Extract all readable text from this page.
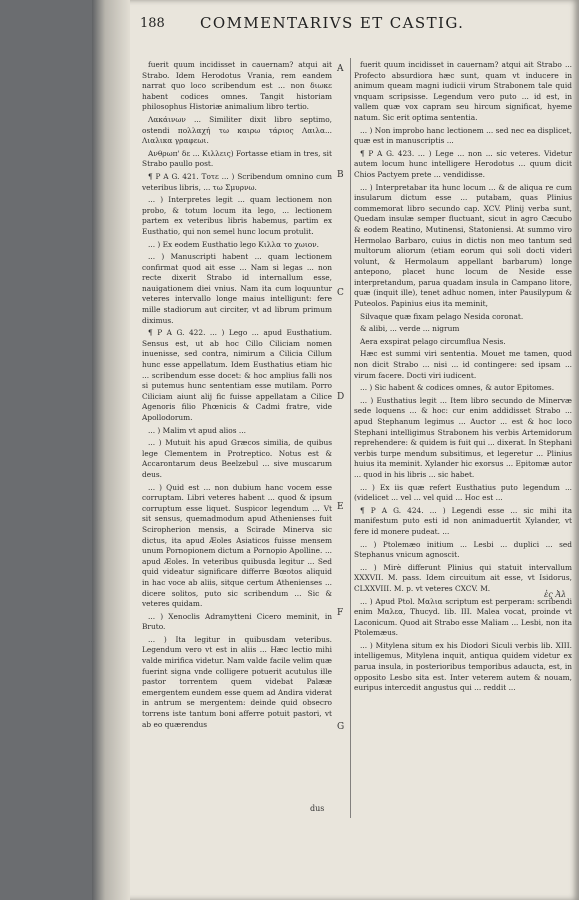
188 COMMENTARIVS ET CASTIG.

fuerit quum incidisset in cauernam? atqui ait Strabo. Idem Herodotus Vrania, rem eandem narrat quo loco scribendum est ... non διωκε habent codices omnes. Tangit historiam philosophus Historiæ animalium libro tertio.

Λακάινων ... Similiter dixit libro septimo, ostendi πολλαχή τω καιρω τάριος Λαιλα... Λιαλικα γραφεωι.

Ανθρωπ' δε ... Κιλλεις) Fortasse etiam in tres, sit Strabo paullo post.

¶ P A G. 421. Τοτε ... ) Scribendum omnino cum veteribus libris, ... τω Σμυρνω.

... ) Interpretes legit ... quam lectionem non probo, & totum locum ita lego, ... lectionem partem ex veteribus libris habemus, partim ex Eusthatio, qui non semel hunc locum protulit.

... ) Ex eodem Eusthatio lego Κιλλα το χωιον.

... ) Manuscripti habent ... quam lectionem confirmat quod ait esse ... Nam si legas ... non recte dixerit Strabo id internallum esse, nauigationem diei vnius. Nam ita cum loquuntur veteres intervallo longe maius intelligunt: fere mille stadiorum aut circiter, vt ad librum primum diximus.

¶ P A G. 422. ... ) Lego ... apud Eusthatium. Sensus est, ut ab hoc Cillo Ciliciam nomen inuenisse, sed contra, nimirum a Cilicia Cillum hunc esse appellatum. Idem Eusthatius etiam hic ... scribendum esse docet: & hoc amplius falli nos si putemus hunc sententiam esse mutilam. Porro Ciliciam aiunt alij fic fuisse appellatam a Cilice Agenoris filio Phœnicis & Cadmi fratre, vide Apollodorum.

... ) Malim vt apud alios ...

... ) Mutuit his apud Græcos similia, de quibus lege Clementem in Protreptico. Notus est & Accarontarum deus Beelzebul ... sive muscarum deus.

... ) Quid est ... non dubium hanc vocem esse corruptam. Libri veteres habent ... quod & ipsum corruptum esse liquet. Suspicor legendum ... Vt sit sensus, quemadmodum apud Athenienses fuit Sciropherion mensis, a Scirade Minerva sic dictus, ita apud Æoles Asiaticos fuisse mensem unum Pornopionem dictum a Pornopio Apolline. ... apud Æoles. In veteribus quibusda legitur ... Sed quid videatur significare differre Bœotos aliquid in hac voce ab aliis, sitque certum Athenienses ... dicere solitos, puto sic scribendum ... Sic & veteres quidam.

... ) Xenoclis Adramytteni Cicero meminit, in Bruto.

... ) Ita legitur in quibusdam veteribus. Legendum vero vt est in aliis ... Hæc lectio mihi valde mirifica videtur. Nam valde facile velim quæ fuerint signa vnde colligere potuerit acutulus ille pastor torrentem quem videbat Palææ emergentem eundem esse quem ad Andira viderat in antrum se mergentem: deinde quid obsecro torrens iste tantum boni afferre potuit pastori, vt ab eo quærendus

A
B
C
D
E
F
G

fuerit quum incidisset in cauernam? atqui ait Strabo ... Profecto absurdiora hæc sunt, quam vt inducere in animum queam magni iudicii virum Strabonem tale quid vnquam scripsisse. Legendum vero puto ... id est, in vallem quæ vox capram seu hircum significat, hyeme natum. Sic erit optima sententia.

... ) Non improbo hanc lectionem ... sed nec ea displicet, quæ est in manuscriptis ...

¶ P A G. 423. ... ) Lege ... non ... sic veteres. Videtur autem locum hunc intelligere Herodotus ... quum dicit Chios Pactyem prete ... vendidisse.

... ) Interpretabar ita hunc locum ... & de aliqua re cum insularum dictum esse ... putabam, quas Plinius commemorat libro secundo cap. XCV. Plinij verba sunt, Quedam insulæ semper fluctuant, sicut in agro Cæcubo & eodem Reatino, Mutinensi, Statoniensi. At summo viro Hermolao Barbaro, cuius in dictis non meo tantum sed multorum aliorum (etiam eorum qui soli docti videri volunt, & Hermolaum appellant barbarum) longe antepono, placet hunc locum de Neside esse interpretandum, parua quadam insula in Campano litore, quæ (inquit ille), tenet adhuc nomen, inter Pausilypum & Puteolos. Papinius eius ita meminit,

Silvaque quæ fixam pelago Nesida coronat.

& alibi, ... verde ... nigrum

Aera exspirat pelago circumflua Nesis.

Hæc est summi viri sententia. Mouet me tamen, quod non dicit Strabo ... nisi ... id contingere: sed ipsam ... virum facere. Docti viri iudicent.

... ) Sic habent & codices omnes, & autor Epitomes.

... ) Eusthatius legit ... Item libro secundo de Minervæ sede loquens ... & hoc: cur enim addidisset Strabo ... apud Stephanum legimus ... Auctor ... est & hoc loco Stephani intelligimus Strabonem his verbis Artemidorum reprehendere: & quidem is fuit qui ... dixerat. In Stephani verbis turpe mendum subsitimus, et legeretur ... Plinius huius ita meminit. Xylander hic exorsus ... Epitomæ autor ... quod in his libris ... sic habet.

... ) Ex iis quæ refert Eusthatius puto legendum ... (videlicet ... vel ... vel quid ... Hoc est ...

¶ P A G. 424. ... ) Legendi esse ... sic mihi ita manifestum puto esti id non animaduertit Xylander, vt fere id monere pudeat. ...

... ) Ptolemæo initium ... Lesbi ... duplici ... sed Stephanus vnicum agnoscit.

... ) Mirè differunt Plinius qui statuit intervallum XXXVII. M. pass. Idem circuitum ait esse, vt Isidorus, CLXXVIII. M. p. vt veteres CXCV. M.

... ) Apud Ptol. Μαλια scriptum est perperam: scribendi enim Μαλεα, Thucyd. lib. III. Malea vocat, proinde vt Laconicum. Quod ait Strabo esse Maliam ... Lesbi, non ita Ptolemæus.

... ) Mitylena situm ex his Diodori Siculi verbis lib. XIII. intelligemus, Mitylena inquit, antiqua quidem videtur ex parua insula, in posterioribus temporibus adaucta, est, in opposito Lesbo sita est. Inter veterem autem & nouam, euripus intercedit angustus qui ... reddit ...

dus
ἐς Ἀλ
